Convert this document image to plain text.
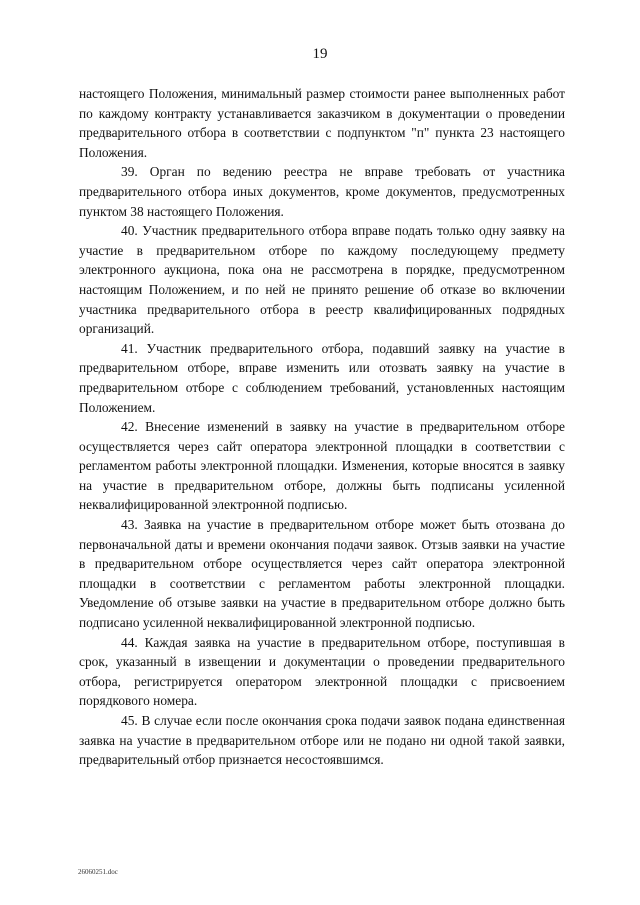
19

настоящего Положения, минимальный размер стоимости ранее выполненных работ по каждому контракту устанавливается заказчиком в документации о проведении предварительного отбора в соответствии с подпунктом "п" пункта 23 настоящего Положения.

39. Орган по ведению реестра не вправе требовать от участника предварительного отбора иных документов, кроме документов, предусмотренных пунктом 38 настоящего Положения.

40. Участник предварительного отбора вправе подать только одну заявку на участие в предварительном отборе по каждому последующему предмету электронного аукциона, пока она не рассмотрена в порядке, предусмотренном настоящим Положением, и по ней не принято решение об отказе во включении участника предварительного отбора в реестр квалифицированных подрядных организаций.

41. Участник предварительного отбора, подавший заявку на участие в предварительном отборе, вправе изменить или отозвать заявку на участие в предварительном отборе с соблюдением требований, установленных настоящим Положением.

42. Внесение изменений в заявку на участие в предварительном отборе осуществляется через сайт оператора электронной площадки в соответствии с регламентом работы электронной площадки. Изменения, которые вносятся в заявку на участие в предварительном отборе, должны быть подписаны усиленной неквалифицированной электронной подписью.

43. Заявка на участие в предварительном отборе может быть отозвана до первоначальной даты и времени окончания подачи заявок. Отзыв заявки на участие в предварительном отборе осуществляется через сайт оператора электронной площадки в соответствии с регламентом работы электронной площадки. Уведомление об отзыве заявки на участие в предварительном отборе должно быть подписано усиленной неквалифицированной электронной подписью.

44. Каждая заявка на участие в предварительном отборе, поступившая в срок, указанный в извещении и документации о проведении предварительного отбора, регистрируется оператором электронной площадки с присвоением порядкового номера.

45. В случае если после окончания срока подачи заявок подана единственная заявка на участие в предварительном отборе или не подано ни одной такой заявки, предварительный отбор признается несостоявшимся.

26060251.doc
